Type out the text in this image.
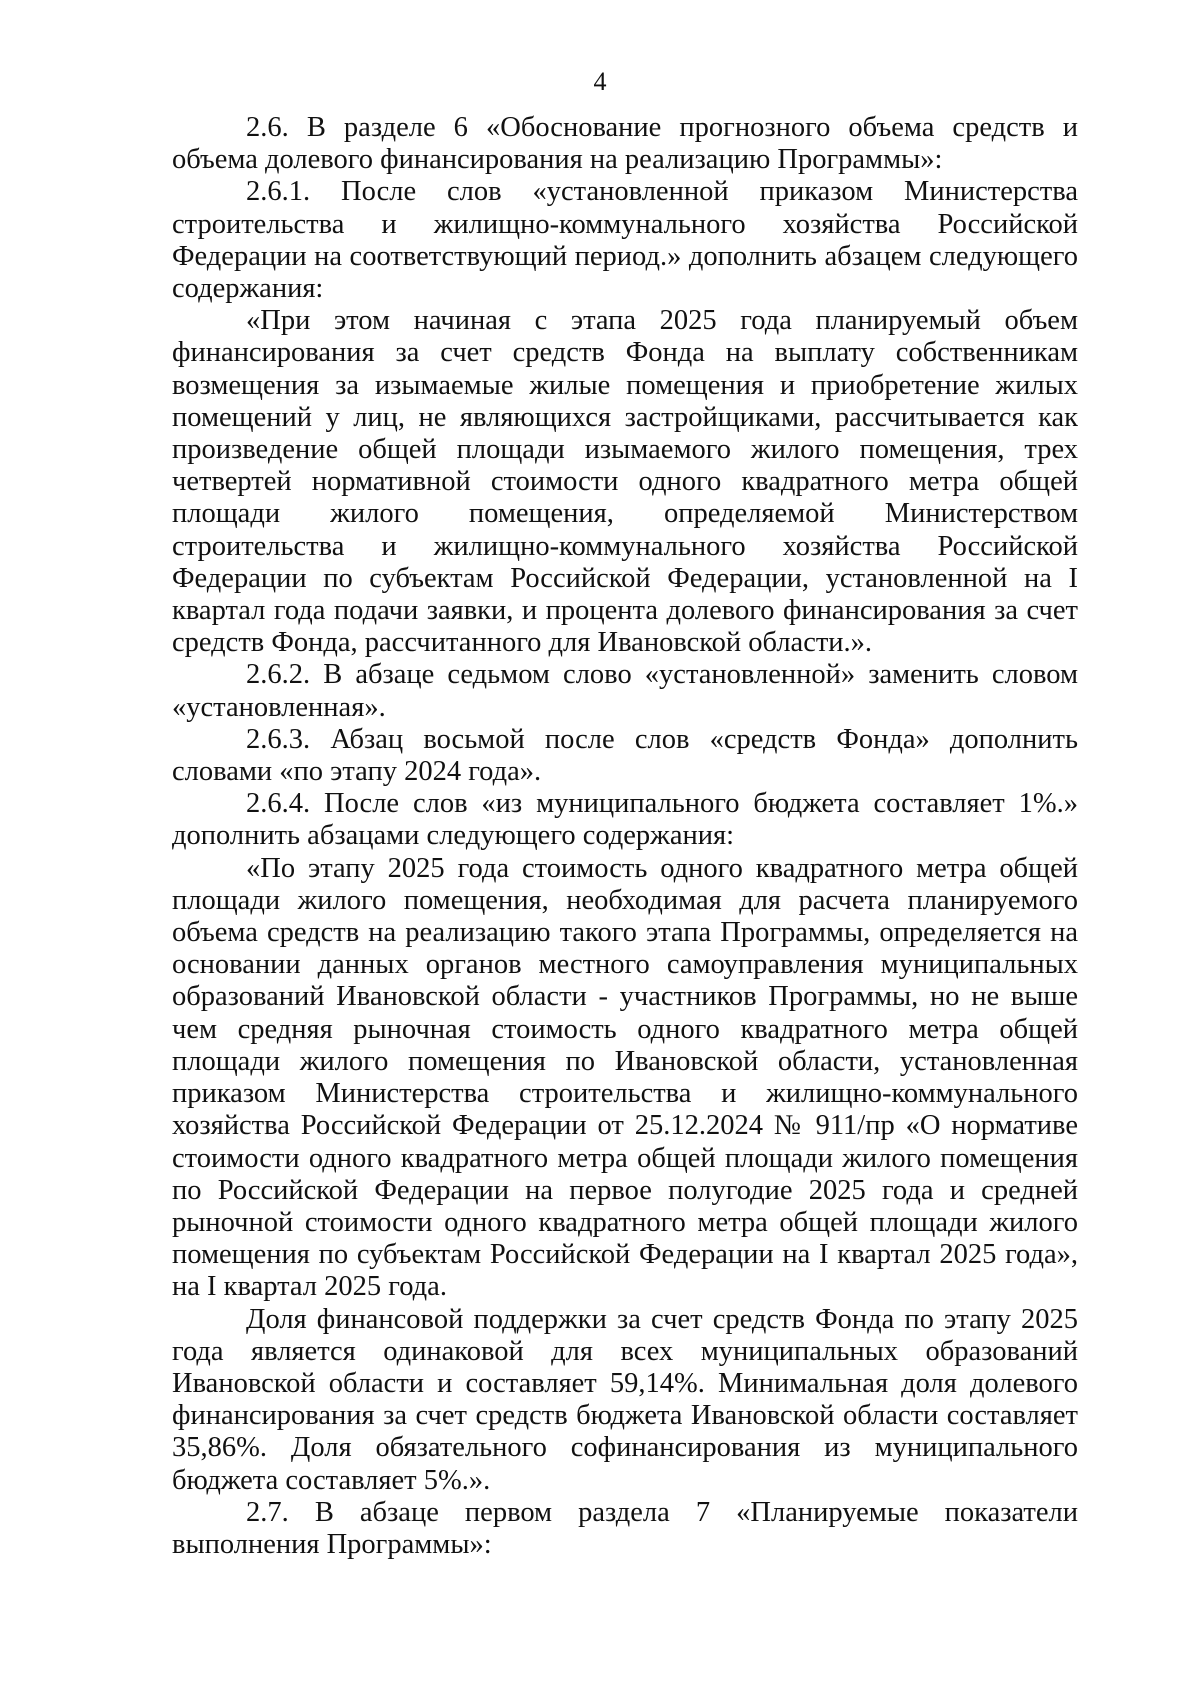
4

2.6. В разделе 6 «Обоснование прогнозного объема средств и объема долевого финансирования на реализацию Программы»:

2.6.1. После слов «установленной приказом Министерства строительства и жилищно-коммунального хозяйства Российской Федерации на соответствующий период.» дополнить абзацем следующего содержания:

«При этом начиная с этапа 2025 года планируемый объем финансирования за счет средств Фонда на выплату собственникам возмещения за изымаемые жилые помещения и приобретение жилых помещений у лиц, не являющихся застройщиками, рассчитывается как произведение общей площади изымаемого жилого помещения, трех четвертей нормативной стоимости одного квадратного метра общей площади жилого помещения, определяемой Министерством строительства и жилищно-коммунального хозяйства Российской Федерации по субъектам Российской Федерации, установленной на I квартал года подачи заявки, и процента долевого финансирования за счет средств Фонда, рассчитанного для Ивановской области.».

2.6.2. В абзаце седьмом слово «установленной» заменить словом «установленная».

2.6.3. Абзац восьмой после слов «средств Фонда» дополнить словами «по этапу 2024 года».

2.6.4. После слов «из муниципального бюджета составляет 1%.» дополнить абзацами следующего содержания:

«По этапу 2025 года стоимость одного квадратного метра общей площади жилого помещения, необходимая для расчета планируемого объема средств на реализацию такого этапа Программы, определяется на основании данных органов местного самоуправления муниципальных образований Ивановской области - участников Программы, но не выше чем средняя рыночная стоимость одного квадратного метра общей площади жилого помещения по Ивановской области, установленная приказом Министерства строительства и жилищно-коммунального хозяйства Российской Федерации от 25.12.2024 № 911/пр «О нормативе стоимости одного квадратного метра общей площади жилого помещения по Российской Федерации на первое полугодие 2025 года и средней рыночной стоимости одного квадратного метра общей площади жилого помещения по субъектам Российской Федерации на I квартал 2025 года», на I квартал 2025 года.

Доля финансовой поддержки за счет средств Фонда по этапу 2025 года является одинаковой для всех муниципальных образований Ивановской области и составляет 59,14%. Минимальная доля долевого финансирования за счет средств бюджета Ивановской области составляет 35,86%. Доля обязательного софинансирования из муниципального бюджета составляет 5%.».

2.7. В абзаце первом раздела 7 «Планируемые показатели выполнения Программы»:
